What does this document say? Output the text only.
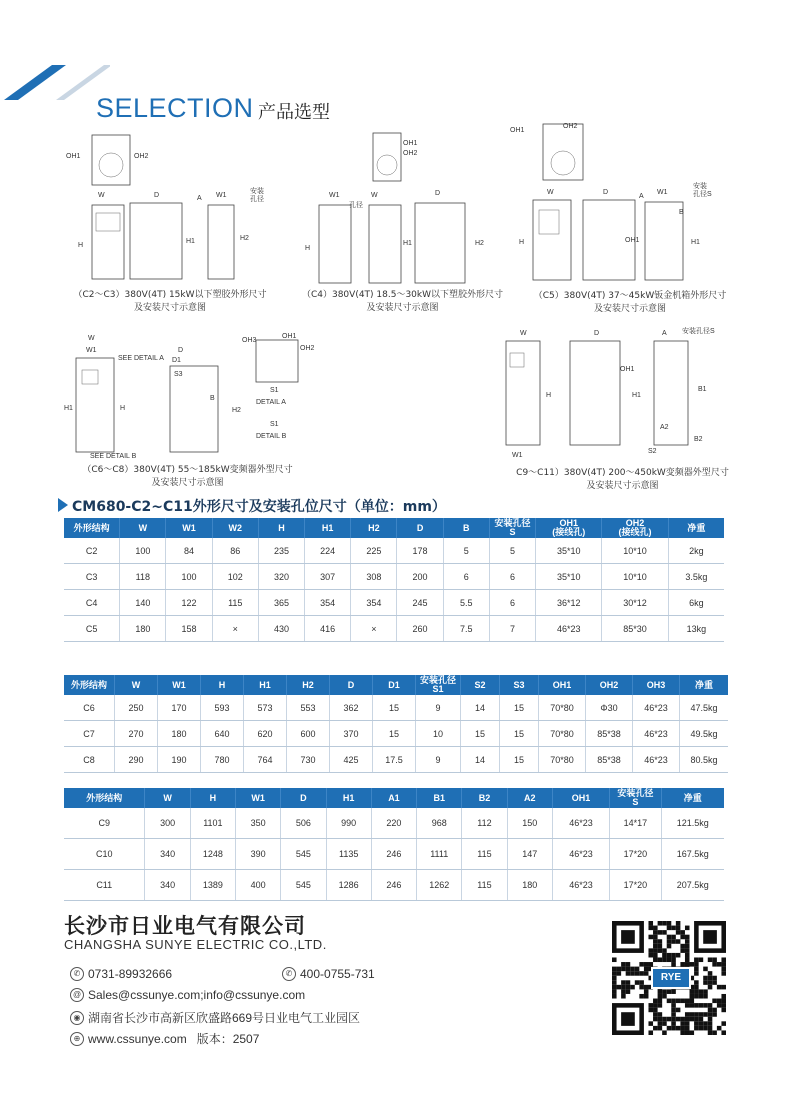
SELECTION 产品选型
OH1	OH2
W	D	A W1
H
H1	H2
安装
孔径
（C2～C3）380V(4T) 15kW以下塑胶外形尺寸
及安装尺寸示意图
OH1
OH2
W1	W	D
H
H1	H2
孔径
（C4）380V(4T) 18.5～30kW以下塑胶外形尺寸
及安装尺寸示意图
OH1
OH2
W	D
A
W1
安装
孔径S
B
H1
H	OH1
（C5）380V(4T) 37～45kW钣金机箱外形尺寸
及安装尺寸示意图
W
W1
SEE DETAIL A
H1	H
D
D1
S3
B
H2
OH3
OH1
OH2
S1
DETAIL A
S1
DETAIL B
SEE DETAIL B
（C6～C8）380V(4T) 55～185kW变频器外型尺寸
及安装尺寸示意图
W	D	A 安装孔径S
OH1
H	H1
B1
W1
A2
B2
S2
C9～C11）380V(4T) 200～450kW变频器外型尺寸
及安装尺寸示意图
CM680-C2~C11外形尺寸及安装孔位尺寸（单位：mm）
外形结构	W	W1	W2	H	H1	H2	D	B	安装孔径
S	OH1
(接线孔)	OH2
(接线孔)	净重
C2	100	84	86	235	224	225	178	5	5	35*10	10*10	2kg
C3	118	100	102	320	307	308	200	6	6	35*10	10*10	3.5kg
C4	140	122	115	365	354	354	245	5.5	6	36*12	30*12	6kg
C5	180	158	×	430	416	×	260	7.5	7	46*23	85*30	13kg
外形结构	W	W1	H	H1	H2	D	D1	安装孔径
S1	S2	S3	OH1	OH2	OH3	净重
C6	250	170	593	573	553	362	15	9	14	15	70*80	Φ30	46*23	47.5kg
C7	270	180	640	620	600	370	15	10	15	15	70*80	85*38	46*23	49.5kg
C8	290	190	780	764	730	425	17.5	9	14	15	70*80	85*38	46*23	80.5kg
外形结构	W	H	W1	D	H1	A1	B1	B2	A2	OH1	安装孔径
S	净重
C9	300	1101	350	506	990	220	968	112	150	46*23	14*17	121.5kg
C10	340	1248	390	545	1135	246	1111	115	147	46*23	17*20	167.5kg
C11	340	1389	400	545	1286	246	1262	115	180	46*23	17*20	207.5kg
长沙市日业电气有限公司
CHANGSHA SUNYE ELECTRIC CO.,LTD.
✆ 0731-89932666	✆ 400-0755-731
@ Sales@cssunye.com;info@cssunye.com
◉ 湖南省长沙市高新区欣盛路669号日业电气工业园区
⊕ www.cssunye.com 版本：2507
RYE
